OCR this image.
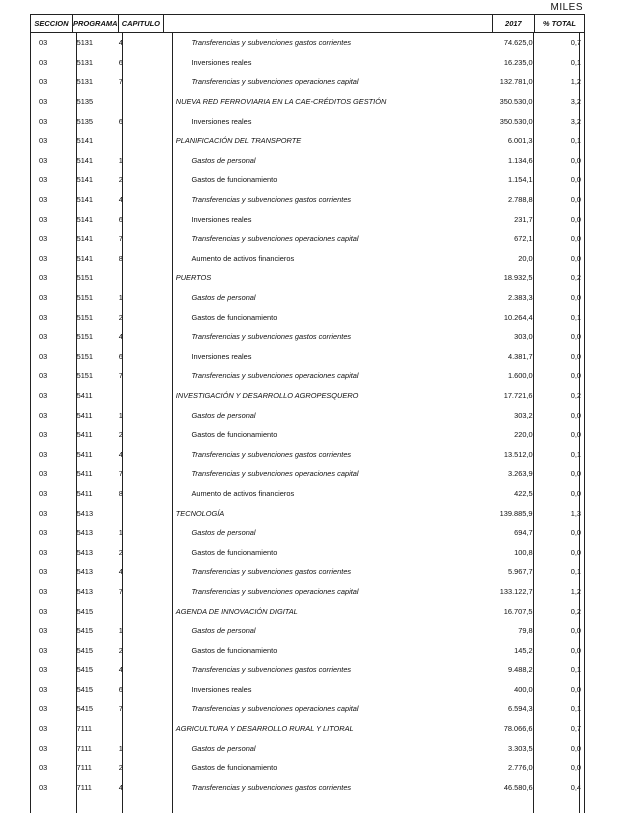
MILES
SECCION PROGRAMA CAPITULO	2017	% TOTAL
03	5131	4	Transferencias y subvenciones gastos corrientes	74.625,0	0,7
03	5131	6	Inversiones reales	16.235,0	0,1
03	5131	7	Transferencias y subvenciones operaciones capital	132.781,0	1,2
03	5135	NUEVA RED FERROVIARIA EN LA CAE-CRÉDITOS GESTIÓN	350.530,0	3,2
03	5135	6	Inversiones reales	350.530,0	3,2
03	5141	PLANIFICACIÓN DEL TRANSPORTE	6.001,3	0,1
03	5141	1	Gastos de personal	1.134,6	0,0
03	5141	2	Gastos de funcionamiento	1.154,1	0,0
03	5141	4	Transferencias y subvenciones gastos corrientes	2.788,8	0,0
03	5141	6	Inversiones reales	231,7	0,0
03	5141	7	Transferencias y subvenciones operaciones capital	672,1	0,0
03	5141	8	Aumento de activos financieros	20,0	0,0
03	5151	PUERTOS	18.932,5	0,2
03	5151	1	Gastos de personal	2.383,3	0,0
03	5151	2	Gastos de funcionamiento	10.264,4	0,1
03	5151	4	Transferencias y subvenciones gastos corrientes	303,0	0,0
03	5151	6	Inversiones reales	4.381,7	0,0
03	5151	7	Transferencias y subvenciones operaciones capital	1.600,0	0,0
03	5411	INVESTIGACIÓN Y DESARROLLO AGROPESQUERO	17.721,6	0,2
03	5411	1	Gastos de personal	303,2	0,0
03	5411	2	Gastos de funcionamiento	220,0	0,0
03	5411	4	Transferencias y subvenciones gastos corrientes	13.512,0	0,1
03	5411	7	Transferencias y subvenciones operaciones capital	3.263,9	0,0
03	5411	8	Aumento de activos financieros	422,5	0,0
03	5413	TECNOLOGÍA	139.885,9	1,3
03	5413	1	Gastos de personal	694,7	0,0
03	5413	2	Gastos de funcionamiento	100,8	0,0
03	5413	4	Transferencias y subvenciones gastos corrientes	5.967,7	0,1
03	5413	7	Transferencias y subvenciones operaciones capital	133.122,7	1,2
03	5415	AGENDA DE INNOVACIÓN DIGITAL	16.707,5	0,2
03	5415	1	Gastos de personal	79,8	0,0
03	5415	2	Gastos de funcionamiento	145,2	0,0
03	5415	4	Transferencias y subvenciones gastos corrientes	9.488,2	0,1
03	5415	6	Inversiones reales	400,0	0,0
03	5415	7	Transferencias y subvenciones operaciones capital	6.594,3	0,1
03	7111	AGRICULTURA Y DESARROLLO RURAL Y LITORAL	78.066,6	0,7
03	7111	1	Gastos de personal	3.303,5	0,0
03	7111	2	Gastos de funcionamiento	2.776,0	0,0
03	7111	4	Transferencias y subvenciones gastos corrientes	46.580,6	0,4
